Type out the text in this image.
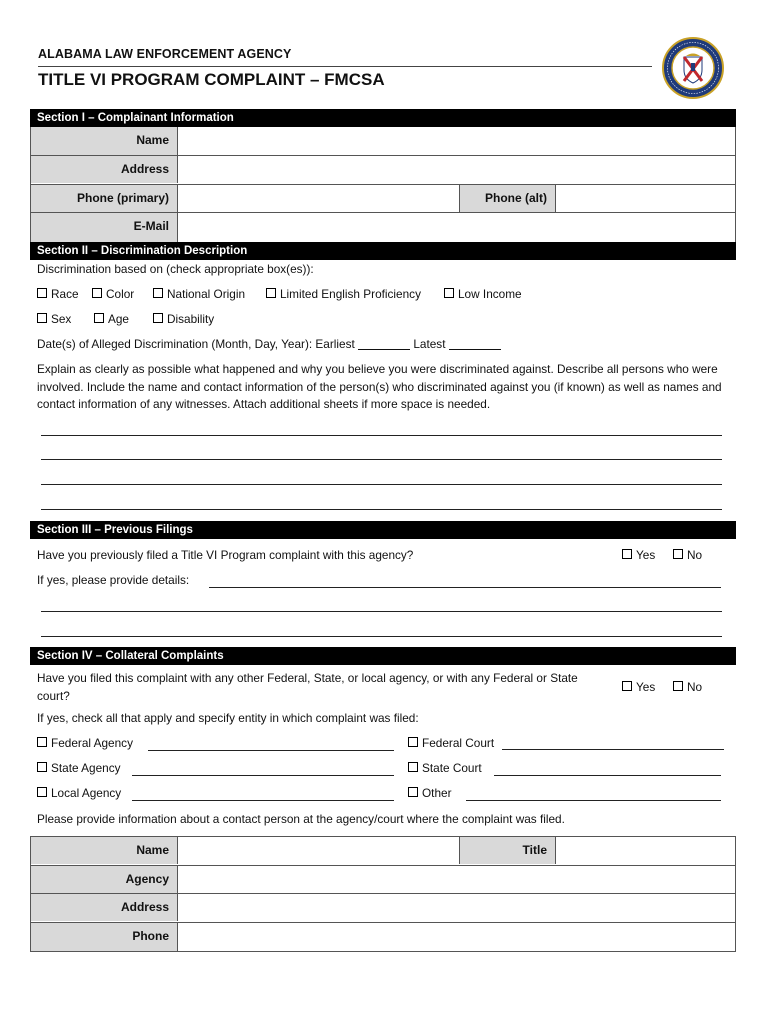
ALABAMA LAW ENFORCEMENT AGENCY
TITLE VI PROGRAM COMPLAINT – FMCSA
Section I – Complainant Information
Name
Address
Phone (primary)	Phone (alt)
E-Mail
Section II – Discrimination Description
Discrimination based on (check appropriate box(es)):
Race	Color	National Origin	Limited English Proficiency	Low Income
Sex	Age	Disability
Date(s) of Alleged Discrimination (Month, Day, Year): Earliest	Latest
Explain as clearly as possible what happened and why you believe you were discriminated against. Describe all persons who were involved. Include the name and contact information of the person(s) who discriminated against you (if known) as well as names and contact information of any witnesses. Attach additional sheets if more space is needed.
Section III – Previous Filings
Have you previously filed a Title VI Program complaint with this agency?	Yes	No
If yes, please provide details:
Section IV – Collateral Complaints
Have you filed this complaint with any other Federal, State, or local agency, or with any Federal or State court?
Yes	No
If yes, check all that apply and specify entity in which complaint was filed:
Federal Agency	Federal Court
State Agency	State Court
Local Agency	Other
Please provide information about a contact person at the agency/court where the complaint was filed.
Name	Title
Agency
Address
Phone
